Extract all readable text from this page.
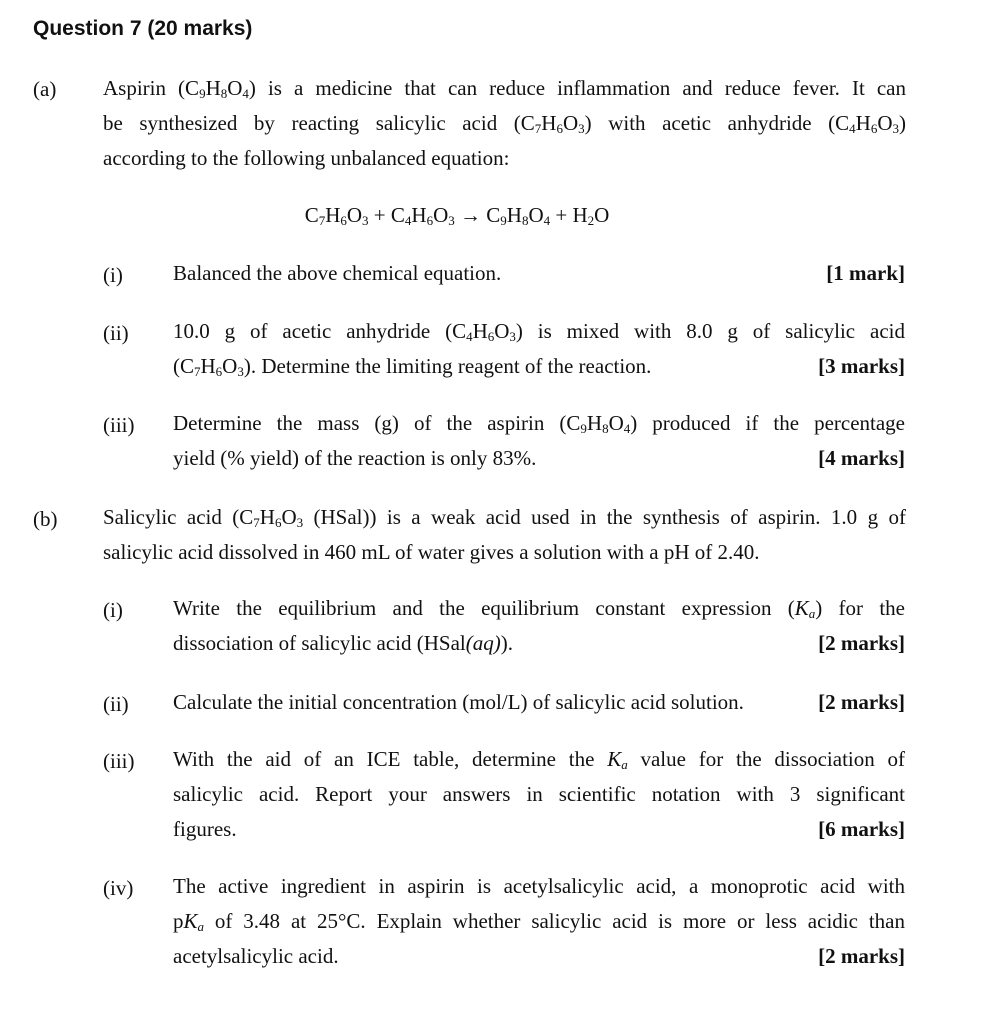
Question 7 (20 marks)
(a) Aspirin $(C_9H_8O_4)$ is a medicine that can reduce inflammation and reduce fever. It can
be synthesized by reacting salicylic acid $(C_7H_6O_3)$ with acetic anhydride $(C_4H_6O_3)$
according to the following unbalanced equation:
$C_7H_6O_3 + C_4H_6O_3 \to C_9H_8O_4 + H_2O$
(i) Balanced the above chemical equation.	[1 mark]
(ii) 10.0 g of acetic anhydride $(C_4H_6O_3)$ is mixed with 8.0 g of salicylic acid
$(C_7H_6O_3)$. Determine the limiting reagent of the reaction.	[3 marks]
(iii) Determine the mass (g) of the aspirin $(C_9H_8O_4)$ produced if the percentage
yield (% yield) of the reaction is only 83%.	[4 marks]
(b) Salicylic acid ($C_7H_6O_3$ (HSal)) is a weak acid used in the synthesis of aspirin. 1.0 g of
salicylic acid dissolved in 460 mL of water gives a solution with a pH of 2.40.
(i) Write the equilibrium and the equilibrium constant expression $(K_a)$ for the
dissociation of salicylic acid (HSal(aq)).	[2 marks]
(ii) Calculate the initial concentration (mol/L) of salicylic acid solution.	[2 marks]
(iii) With the aid of an ICE table, determine the $K_a$ value for the dissociation of
salicylic acid. Report your answers in scientific notation with 3 significant
figures.	[6 marks]
(iv) The active ingredient in aspirin is acetylsalicylic acid, a monoprotic acid with
$pK_a$ of 3.48 at 25°C. Explain whether salicylic acid is more or less acidic than
acetylsalicylic acid.	[2 marks]
